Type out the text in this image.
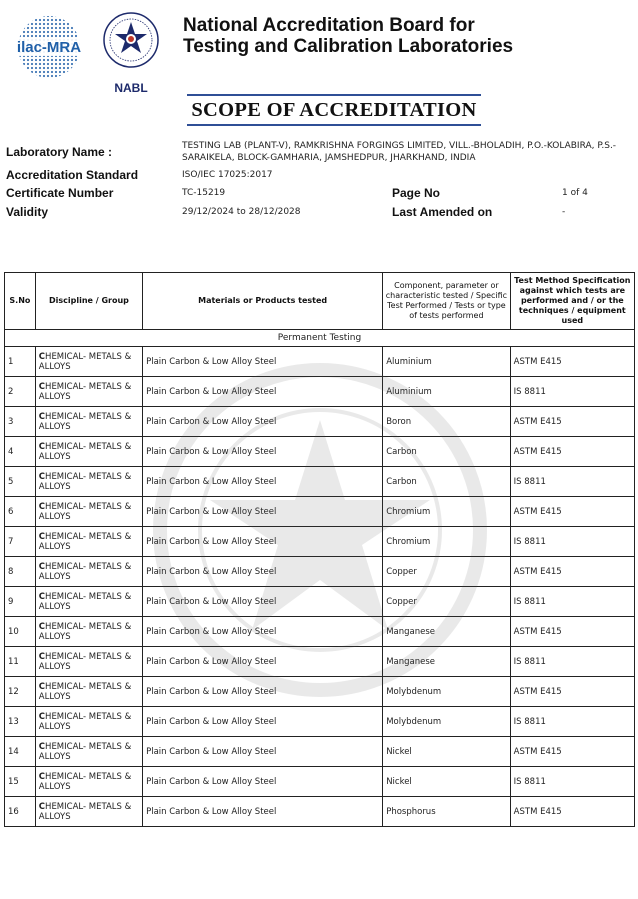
ilac-MRA
NABL
National Accreditation Board for
Testing and Calibration Laboratories
SCOPE OF ACCREDITATION
Laboratory Name :	TESTING LAB (PLANT-V), RAMKRISHNA FORGINGS LIMITED, VILL.-BHOLADIH, P.O.-KOLABIRA, P.S.-SARAIKELA, BLOCK-GAMHARIA, JAMSHEDPUR, JHARKHAND, INDIA
Accreditation Standard	ISO/IEC 17025:2017
Certificate Number	TC-15219	Page No	1 of 4
Validity	29/12/2024 to 28/12/2028	Last Amended on	-
S.No	Discipline / Group	Materials or Products tested	Component, parameter or characteristic tested / Specific Test Performed / Tests or type of tests performed	Test Method Specification against which tests are performed and / or the techniques / equipment used
Permanent Testing				
1	CHEMICAL- METALS & ALLOYS	Plain Carbon & Low Alloy Steel	Aluminium	ASTM E415
2	CHEMICAL- METALS & ALLOYS	Plain Carbon & Low Alloy Steel	Aluminium	IS 8811
3	CHEMICAL- METALS & ALLOYS	Plain Carbon & Low Alloy Steel	Boron	ASTM E415
4	CHEMICAL- METALS & ALLOYS	Plain Carbon & Low Alloy Steel	Carbon	ASTM E415
5	CHEMICAL- METALS & ALLOYS	Plain Carbon & Low Alloy Steel	Carbon	IS 8811
6	CHEMICAL- METALS & ALLOYS	Plain Carbon & Low Alloy Steel	Chromium	ASTM E415
7	CHEMICAL- METALS & ALLOYS	Plain Carbon & Low Alloy Steel	Chromium	IS 8811
8	CHEMICAL- METALS & ALLOYS	Plain Carbon & Low Alloy Steel	Copper	ASTM E415
9	CHEMICAL- METALS & ALLOYS	Plain Carbon & Low Alloy Steel	Copper	IS 8811
10	CHEMICAL- METALS & ALLOYS	Plain Carbon & Low Alloy Steel	Manganese	ASTM E415
11	CHEMICAL- METALS & ALLOYS	Plain Carbon & Low Alloy Steel	Manganese	IS 8811
12	CHEMICAL- METALS & ALLOYS	Plain Carbon & Low Alloy Steel	Molybdenum	ASTM E415
13	CHEMICAL- METALS & ALLOYS	Plain Carbon & Low Alloy Steel	Molybdenum	IS 8811
14	CHEMICAL- METALS & ALLOYS	Plain Carbon & Low Alloy Steel	Nickel	ASTM E415
15	CHEMICAL- METALS & ALLOYS	Plain Carbon & Low Alloy Steel	Nickel	IS 8811
16	CHEMICAL- METALS & ALLOYS	Plain Carbon & Low Alloy Steel	Phosphorus	ASTM E415
